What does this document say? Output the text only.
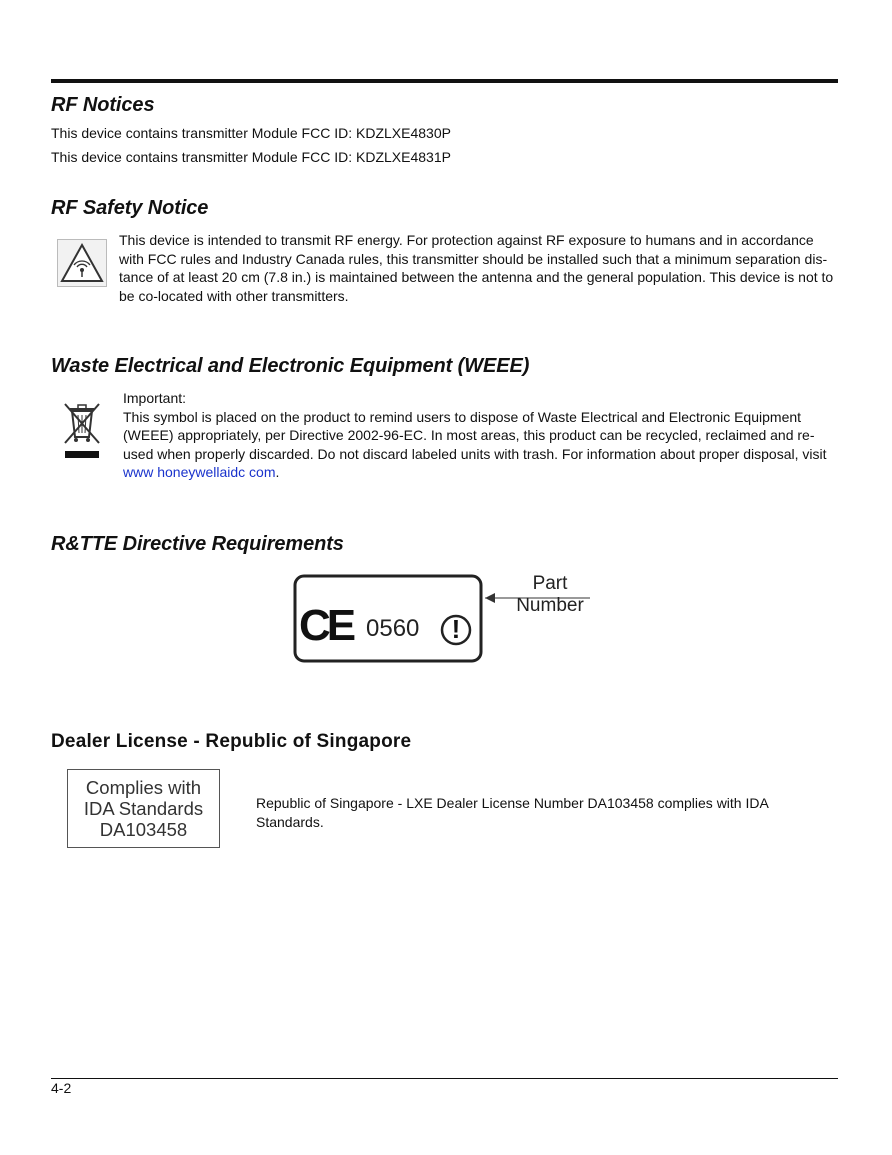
RF Notices
This device contains transmitter Module FCC ID: KDZLXE4830P
This device contains transmitter Module FCC ID: KDZLXE4831P
RF Safety Notice
This device is intended to transmit RF energy. For protection against RF exposure to humans and in accordance
with FCC rules and Industry Canada rules, this transmitter should be installed such that a minimum separation dis-
tance of at least 20 cm (7.8 in.) is maintained between the antenna and the general population. This device is not to
be co-located with other transmitters.
Waste Electrical and Electronic Equipment (WEEE)
Important:
This symbol is placed on the product to remind users to dispose of Waste Electrical and Electronic Equipment
(WEEE) appropriately, per Directive 2002-96-EC. In most areas, this product can be recycled, reclaimed and re-
used when properly discarded. Do not discard labeled units with trash. For information about proper disposal, visit
www honeywellaidc com.
R&TTE Directive Requirements
CE 0560 !
Part
Number
Dealer License - Republic of Singapore
Complies with
IDA Standards
DA103458
Republic of Singapore - LXE Dealer License Number DA103458 complies with IDA
Standards.
4-2
